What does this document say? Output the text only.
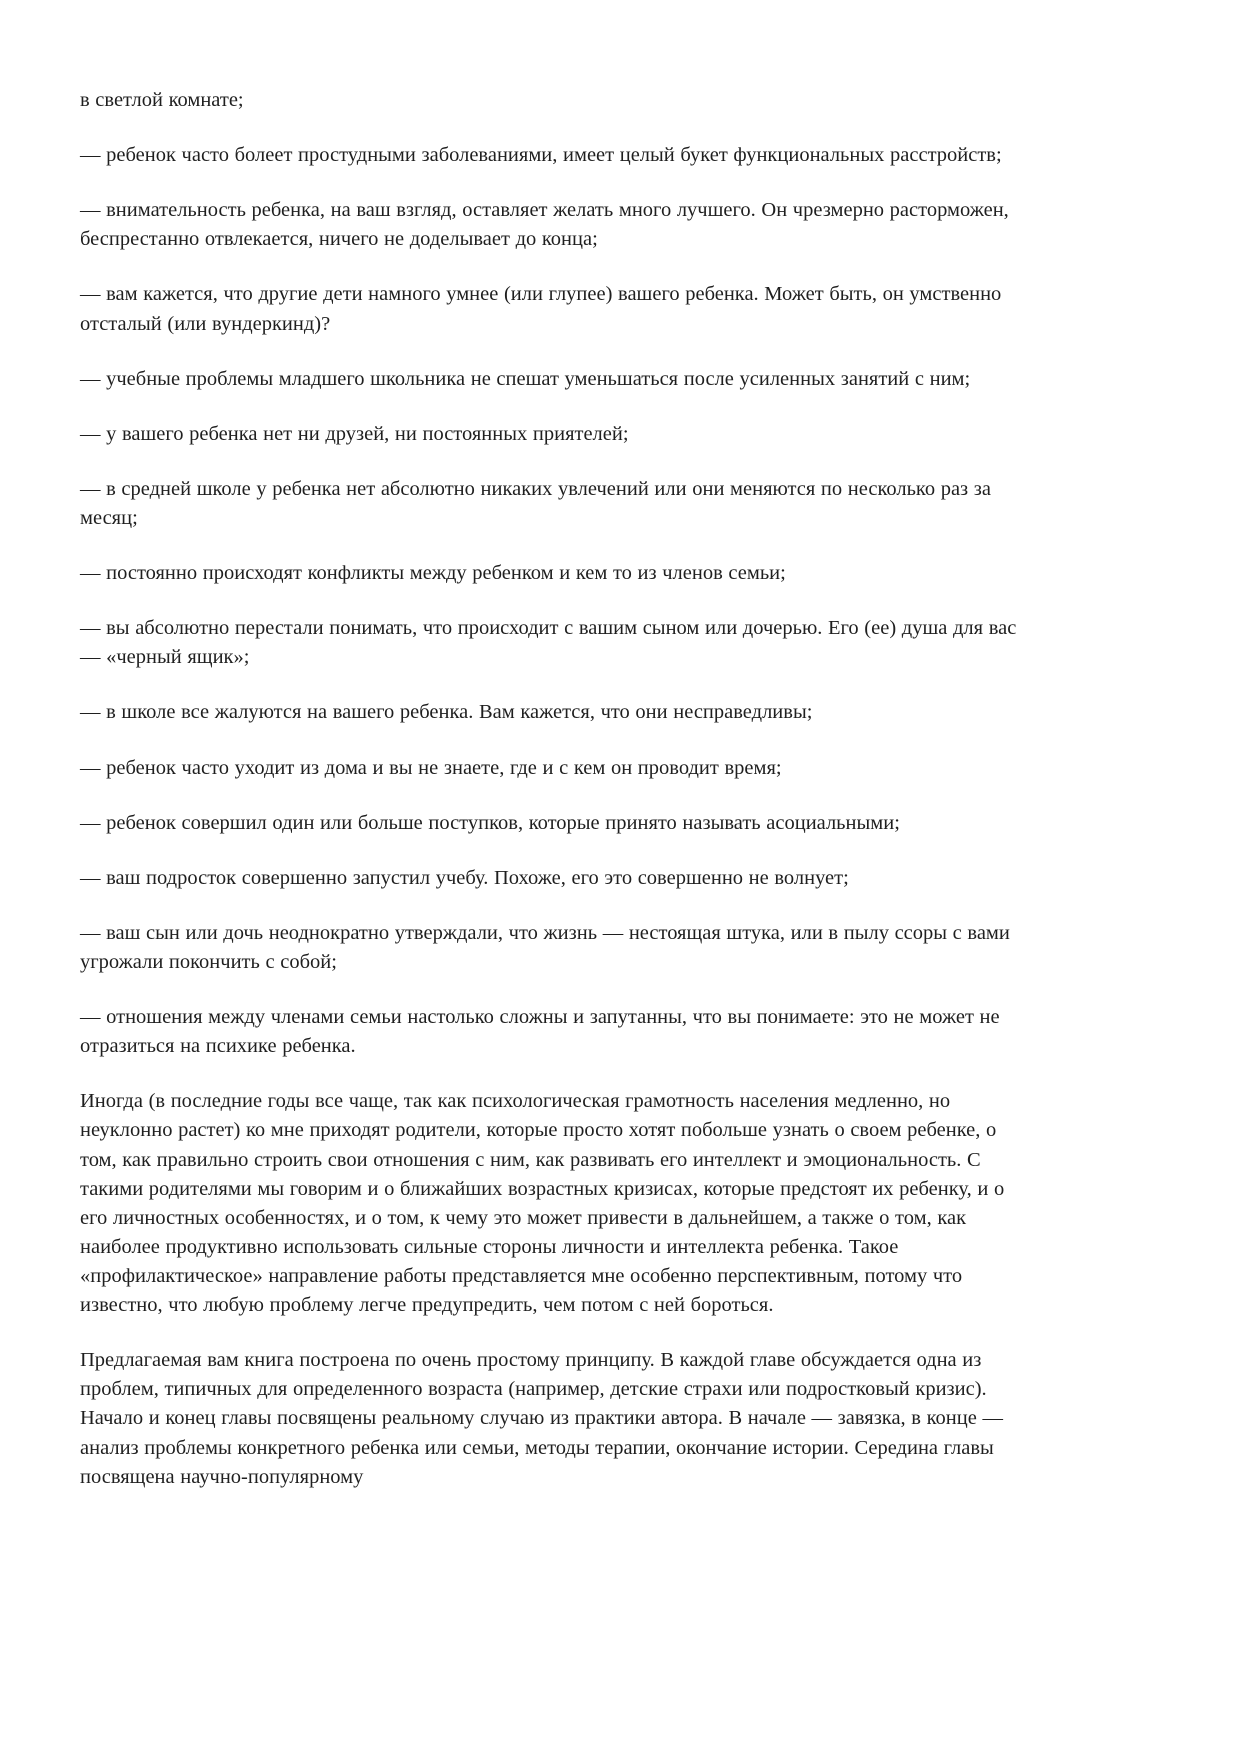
в светлой комнате;

— ребенок часто болеет простудными заболеваниями, имеет целый букет функциональных расстройств;

— внимательность ребенка, на ваш взгляд, оставляет желать много лучшего. Он чрезмерно расторможен, беспрестанно отвлекается, ничего не доделывает до конца;

— вам кажется, что другие дети намного умнее (или глупее) вашего ребенка. Может быть, он умственно отсталый (или вундеркинд)?

— учебные проблемы младшего школьника не спешат уменьшаться после усиленных занятий с ним;

— у вашего ребенка нет ни друзей, ни постоянных приятелей;

— в средней школе у ребенка нет абсолютно никаких увлечений или они меняются по несколько раз за месяц;

— постоянно происходят конфликты между ребенком и кем то из членов семьи;

— вы абсолютно перестали понимать, что происходит с вашим сыном или дочерью. Его (ее) душа для вас — «черный ящик»;

— в школе все жалуются на вашего ребенка. Вам кажется, что они несправедливы;

— ребенок часто уходит из дома и вы не знаете, где и с кем он проводит время;

— ребенок совершил один или больше поступков, которые принято называть асоциальными;

— ваш подросток совершенно запустил учебу. Похоже, его это совершенно не волнует;

— ваш сын или дочь неоднократно утверждали, что жизнь — нестоящая штука, или в пылу ссоры с вами угрожали покончить с собой;

— отношения между членами семьи настолько сложны и запутанны, что вы понимаете: это не может не отразиться на психике ребенка.

Иногда (в последние годы все чаще, так как психологическая грамотность населения медленно, но неуклонно растет) ко мне приходят родители, которые просто хотят побольше узнать о своем ребенке, о том, как правильно строить свои отношения с ним, как развивать его интеллект и эмоциональность. С такими родителями мы говорим и о ближайших возрастных кризисах, которые предстоят их ребенку, и о его личностных особенностях, и о том, к чему это может привести в дальнейшем, а также о том, как наиболее продуктивно использовать сильные стороны личности и интеллекта ребенка. Такое «профилактическое» направление работы представляется мне особенно перспективным, потому что известно, что любую проблему легче предупредить, чем потом с ней бороться.

Предлагаемая вам книга построена по очень простому принципу. В каждой главе обсуждается одна из проблем, типичных для определенного возраста (например, детские страхи или подростковый кризис). Начало и конец главы посвящены реальному случаю из практики автора. В начале — завязка, в конце — анализ проблемы конкретного ребенка или семьи, методы терапии, окончание истории. Середина главы посвящена научно-популярному
